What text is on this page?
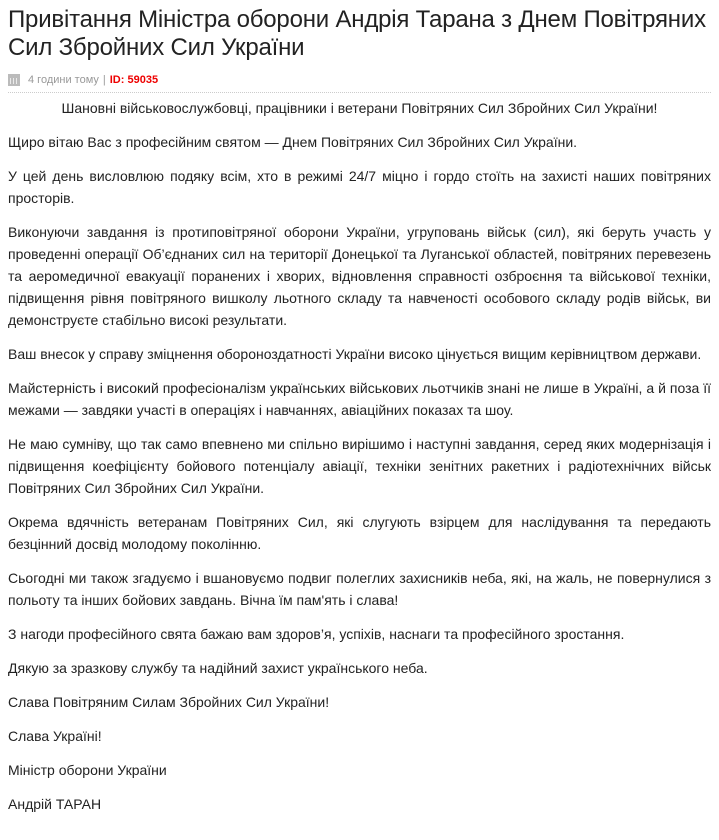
Привітання Міністра оборони Андрія Тарана з Днем Повітряних Сил Збройних Сил України
4 години тому | ID: 59035

Шановні військовослужбовці, працівники і ветерани Повітряних Сил Збройних Сил України!

Щиро вітаю Вас з професійним святом — Днем Повітряних Сил Збройних Сил України.

У цей день висловлюю подяку всім, хто в режимі 24/7 міцно і гордо стоїть на захисті наших повітряних просторів.

Виконуючи завдання із протиповітряної оборони України, угруповань військ (сил), які беруть участь у проведенні операції Об’єднаних сил на території Донецької та Луганської областей, повітряних перевезень та аеромедичної евакуації поранених і хворих, відновлення справності озброєння та військової техніки, підвищення рівня повітряного вишколу льотного складу та навченості особового складу родів військ, ви демонструєте стабільно високі результати.

Ваш внесок у справу зміцнення обороноздатності України високо цінується вищим керівництвом держави.

Майстерність і високий професіоналізм українських військових льотчиків знані не лише в Україні, а й поза її межами — завдяки участі в операціях і навчаннях, авіаційних показах та шоу.

Не маю сумніву, що так само впевнено ми спільно вирішимо і наступні завдання, серед яких модернізація і підвищення коефіцієнту бойового потенціалу авіації, техніки зенітних ракетних і радіотехнічних військ Повітряних Сил Збройних Сил України.

Окрема вдячність ветеранам Повітряних Сил, які слугують взірцем для наслідування та передають безцінний досвід молодому поколінню.

Сьогодні ми також згадуємо і вшановуємо подвиг полеглих захисників неба, які, на жаль, не повернулися з польоту та інших бойових завдань. Вічна їм пам'ять і слава!

З нагоди професійного свята бажаю вам здоров’я, успіхів, наснаги та професійного зростання.

Дякую за зразкову службу та надійний захист українського неба.

Слава Повітряним Силам Збройних Сил України!

Слава Україні!

Міністр оборони України

Андрій ТАРАН
